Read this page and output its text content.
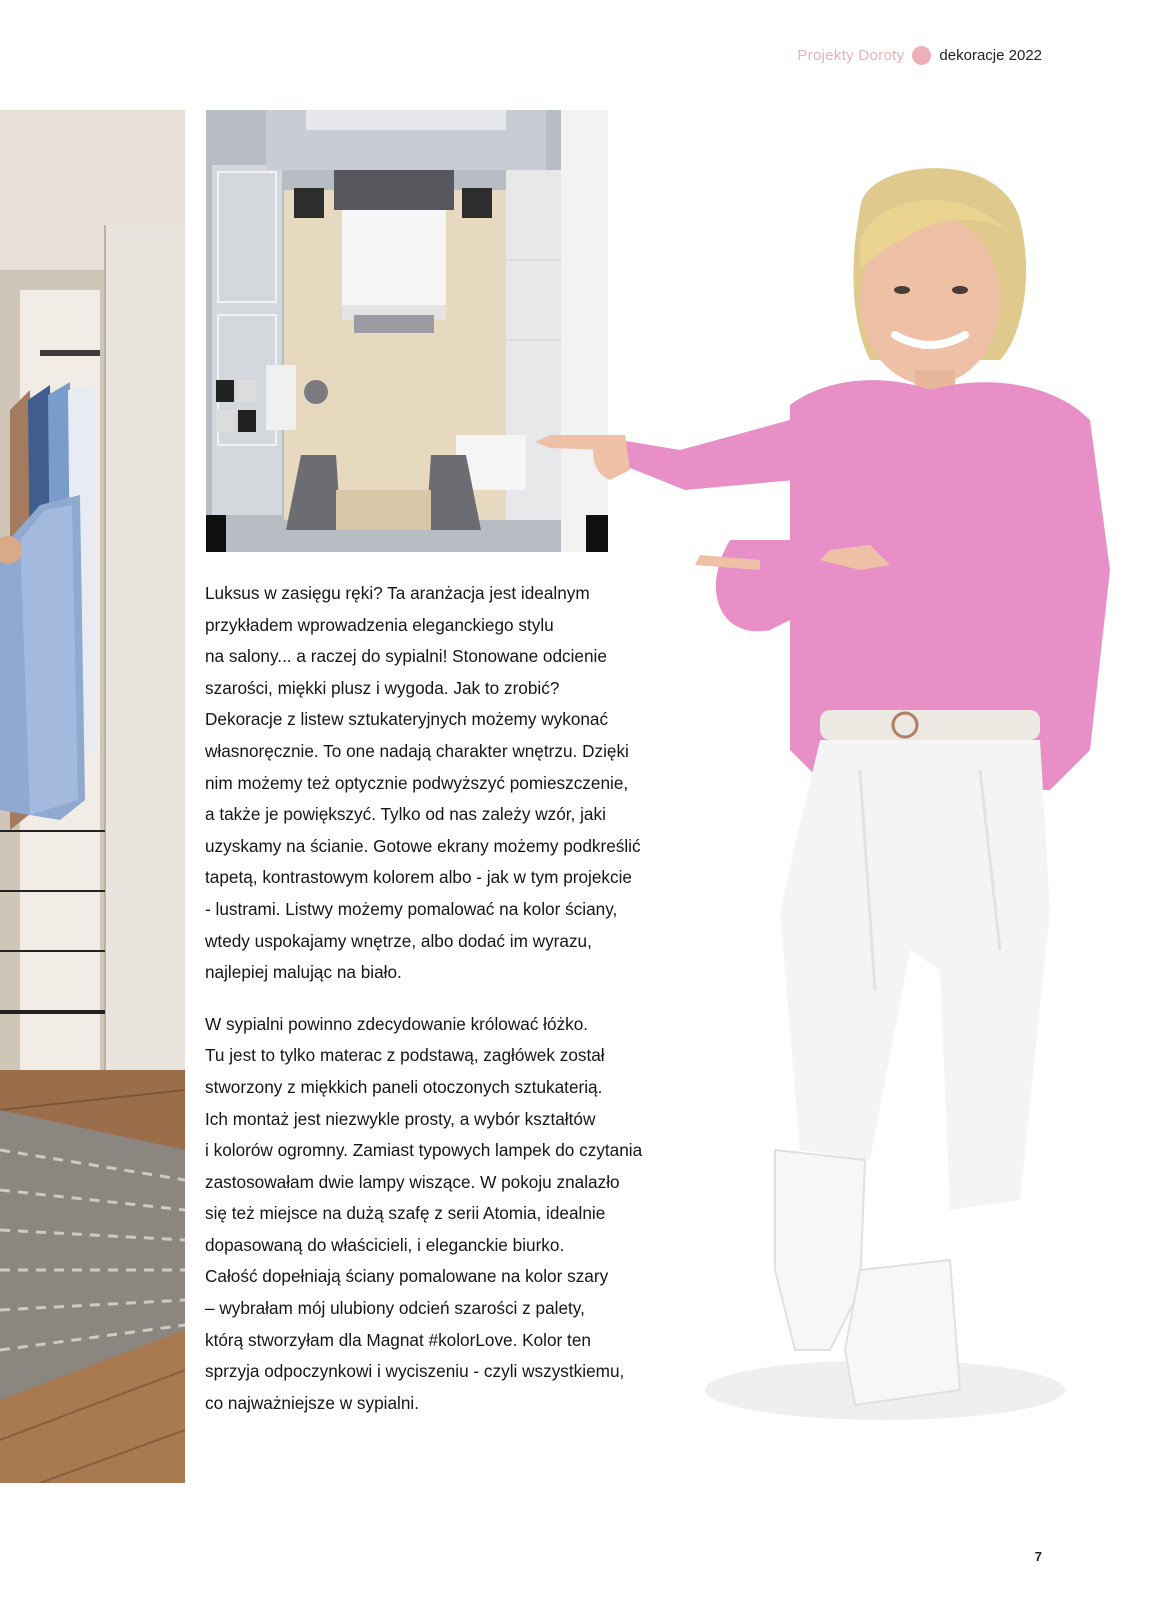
Projekty Doroty dekoracje 2022

Luksus w zasięgu ręki? Ta aranżacja jest idealnym
przykładem wprowadzenia eleganckiego stylu
na salony... a raczej do sypialni! Stonowane odcienie
szarości, miękki plusz i wygoda. Jak to zrobić?
Dekoracje z listew sztukateryjnych możemy wykonać
własnoręcznie. To one nadają charakter wnętrzu. Dzięki
nim możemy też optycznie podwyższyć pomieszczenie,
a także je powiększyć. Tylko od nas zależy wzór, jaki
uzyskamy na ścianie. Gotowe ekrany możemy podkreślić
tapetą, kontrastowym kolorem albo - jak w tym projekcie
- lustrami. Listwy możemy pomalować na kolor ściany,
wtedy uspokajamy wnętrze, albo dodać im wyrazu,
najlepiej malując na biało.

W sypialni powinno zdecydowanie królować łóżko.
Tu jest to tylko materac z podstawą, zagłówek został
stworzony z miękkich paneli otoczonych sztukaterią.
Ich montaż jest niezwykle prosty, a wybór kształtów
i kolorów ogromny. Zamiast typowych lampek do czytania
zastosowałam dwie lampy wiszące. W pokoju znalazło
się też miejsce na dużą szafę z serii Atomia, idealnie
dopasowaną do właścicieli, i eleganckie biurko.
Całość dopełniają ściany pomalowane na kolor szary
– wybrałam mój ulubiony odcień szarości z palety,
którą stworzyłam dla Magnat #kolorLove. Kolor ten
sprzyja odpoczynkowi i wyciszeniu - czyli wszystkiemu,
co najważniejsze w sypialni.

7
